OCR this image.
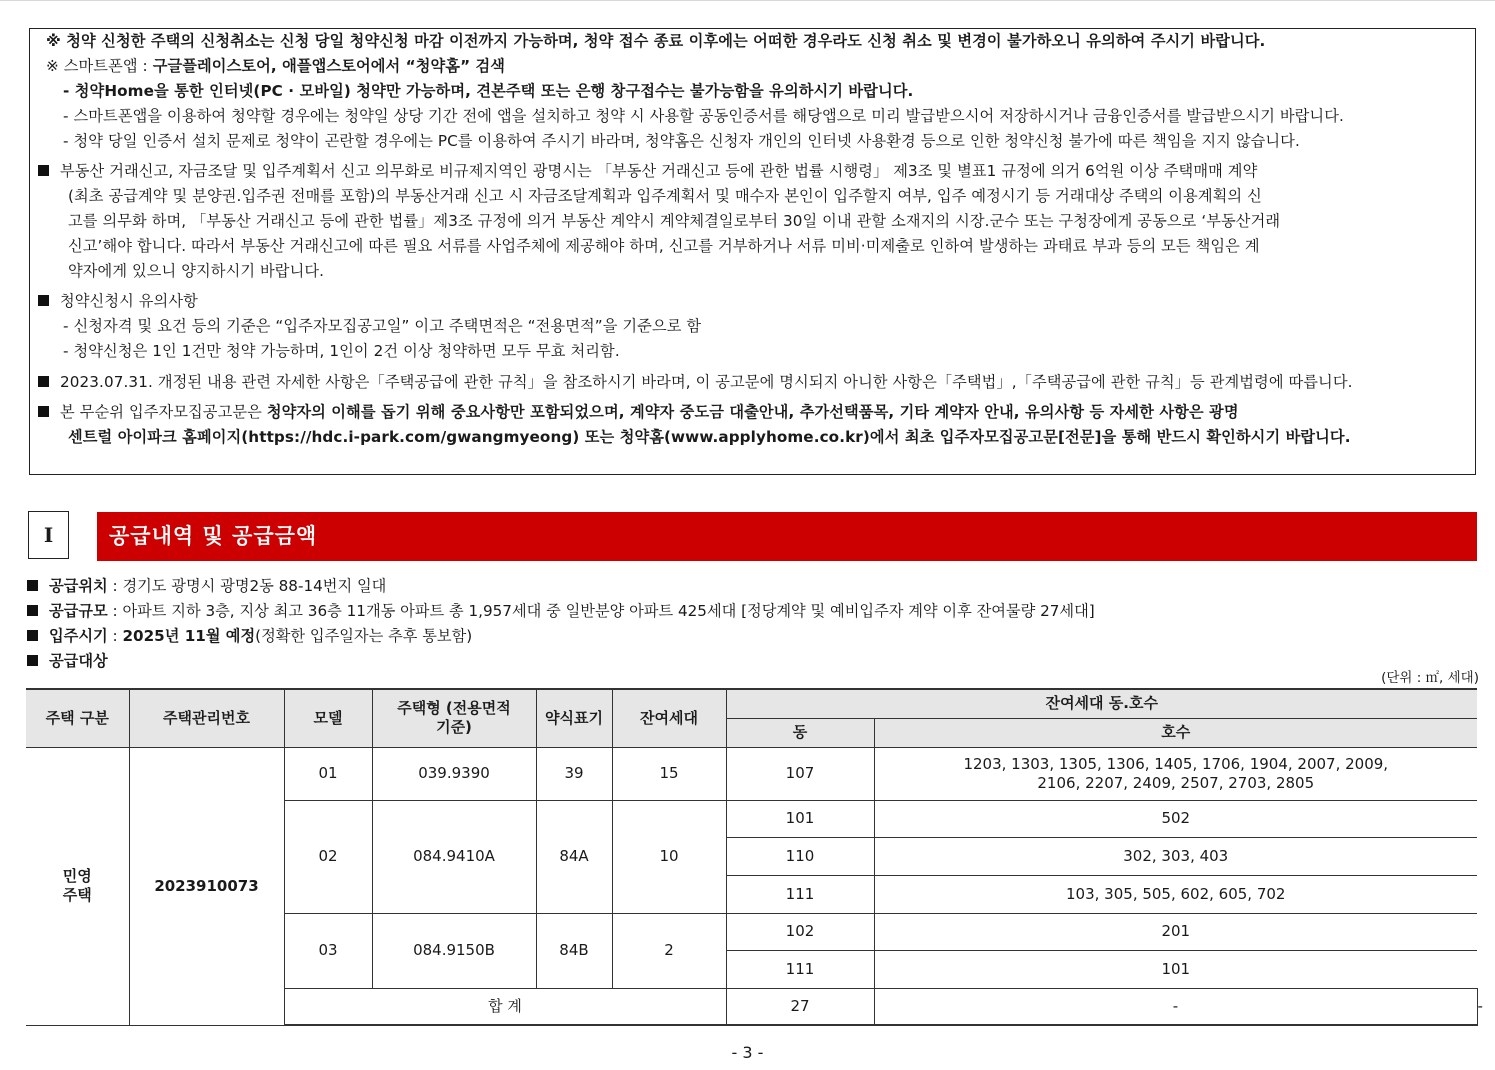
※ 청약 신청한 주택의 신청취소는 신청 당일 청약신청 마감 이전까지 가능하며, 청약 접수 종료 이후에는 어떠한 경우라도 신청 취소 및 변경이 불가하오니 유의하여 주시기 바랍니다.
※ 스마트폰앱 : 구글플레이스토어, 애플앱스토어에서 “청약홈” 검색
- 청약Home을 통한 인터넷(PC · 모바일) 청약만 가능하며, 견본주택 또는 은행 창구접수는 불가능함을 유의하시기 바랍니다.
- 스마트폰앱을 이용하여 청약할 경우에는 청약일 상당 기간 전에 앱을 설치하고 청약 시 사용할 공동인증서를 해당앱으로 미리 발급받으시어 저장하시거나 금융인증서를 발급받으시기 바랍니다.
- 청약 당일 인증서 설치 문제로 청약이 곤란할 경우에는 PC를 이용하여 주시기 바라며, 청약홈은 신청자 개인의 인터넷 사용환경 등으로 인한 청약신청 불가에 따른 책임을 지지 않습니다.
부동산 거래신고, 자금조달 및 입주계획서 신고 의무화로 비규제지역인 광명시는 「부동산 거래신고 등에 관한 법률 시행령」 제3조 및 별표1 규정에 의거 6억원 이상 주택매매 계약
(최초 공급계약 및 분양권.입주권 전매를 포함)의 부동산거래 신고 시 자금조달계획과 입주계획서 및 매수자 본인이 입주할지 여부, 입주 예정시기 등 거래대상 주택의 이용계획의 신
고를 의무화 하며, 「부동산 거래신고 등에 관한 법률」제3조 규정에 의거 부동산 계약시 계약체결일로부터 30일 이내 관할 소재지의 시장.군수 또는 구청장에게 공동으로 ‘부동산거래
신고’해야 합니다. 따라서 부동산 거래신고에 따른 필요 서류를 사업주체에 제공해야 하며, 신고를 거부하거나 서류 미비·미제출로 인하여 발생하는 과태료 부과 등의 모든 책임은 계
약자에게 있으니 양지하시기 바랍니다.
청약신청시 유의사항
- 신청자격 및 요건 등의 기준은 “입주자모집공고일” 이고 주택면적은 “전용면적”을 기준으로 함
- 청약신청은 1인 1건만 청약 가능하며, 1인이 2건 이상 청약하면 모두 무효 처리함.
2023.07.31. 개정된 내용 관련 자세한 사항은「주택공급에 관한 규칙」을 참조하시기 바라며, 이 공고문에 명시되지 아니한 사항은「주택법」,「주택공급에 관한 규칙」등 관계법령에 따릅니다.
본 무순위 입주자모집공고문은 청약자의 이해를 돕기 위해 중요사항만 포함되었으며, 계약자 중도금 대출안내, 추가선택품목, 기타 계약자 안내, 유의사항 등 자세한 사항은 광명
센트럴 아이파크 홈페이지(https://hdc.i-park.com/gwangmyeong) 또는 청약홈(www.applyhome.co.kr)에서 최초 입주자모집공고문[전문]을 통해 반드시 확인하시기 바랍니다.
I	공급내역 및 공급금액
공급위치 : 경기도 광명시 광명2동 88-14번지 일대
공급규모 : 아파트 지하 3층, 지상 최고 36층 11개동 아파트 총 1,957세대 중 일반분양 아파트 425세대 [정당계약 및 예비입주자 계약 이후 잔여물량 27세대]
입주시기 : 2025년 11월 예정(정확한 입주일자는 추후 통보함)
공급대상
(단위 : ㎡, 세대)
주택 구분	주택관리번호	모델	주택형 (전용면적기준)	약식표기	잔여세대	잔여세대 동.호수		
						동	호수	
민영 주택	2023910073	01	039.9390	39	15	107	1203, 1303, 1305, 1306, 1405, 1706, 1904, 2007, 2009, 2106, 2207, 2409, 2507, 2703, 2805	
		02	084.9410A	84A	10	101	502	
						110	302, 303, 403	
						111	103, 305, 505, 602, 605, 702	
		03	084.9150B	84B	2	102	201	
						111	101	
		합 계				27	-	-
- 3 -
